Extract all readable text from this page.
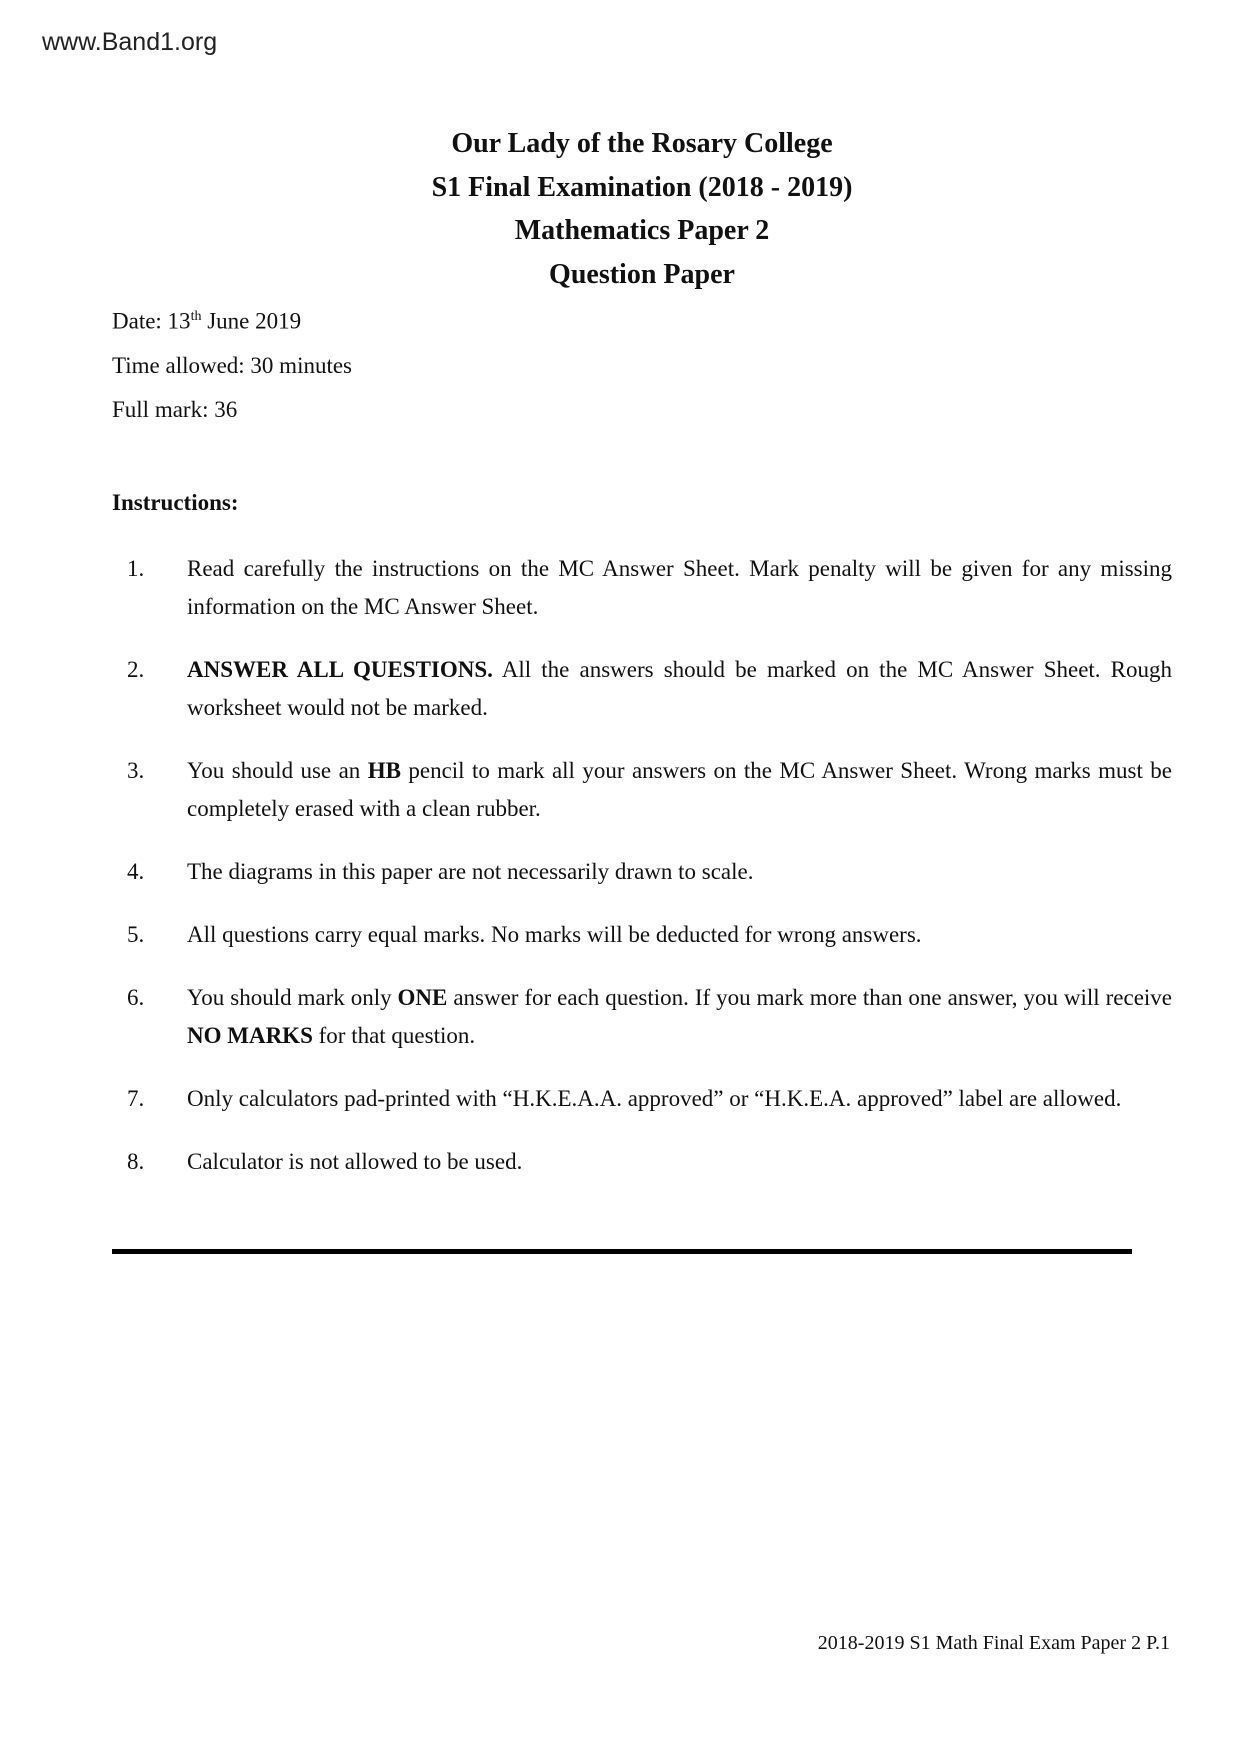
www.Band1.org
Our Lady of the Rosary College
S1 Final Examination (2018 - 2019)
Mathematics Paper 2
Question Paper
Date: 13th June 2019
Time allowed: 30 minutes
Full mark: 36
Instructions:
1.	Read carefully the instructions on the MC Answer Sheet. Mark penalty will be given for any missing information on the MC Answer Sheet.
2.	ANSWER ALL QUESTIONS. All the answers should be marked on the MC Answer Sheet. Rough worksheet would not be marked.
3.	You should use an HB pencil to mark all your answers on the MC Answer Sheet. Wrong marks must be completely erased with a clean rubber.
4.	The diagrams in this paper are not necessarily drawn to scale.
5.	All questions carry equal marks. No marks will be deducted for wrong answers.
6.	You should mark only ONE answer for each question. If you mark more than one answer, you will receive NO MARKS for that question.
7.	Only calculators pad-printed with “H.K.E.A.A. approved” or “H.K.E.A. approved” label are allowed.
8.	Calculator is not allowed to be used.
2018-2019 S1 Math Final Exam Paper 2 P.1
